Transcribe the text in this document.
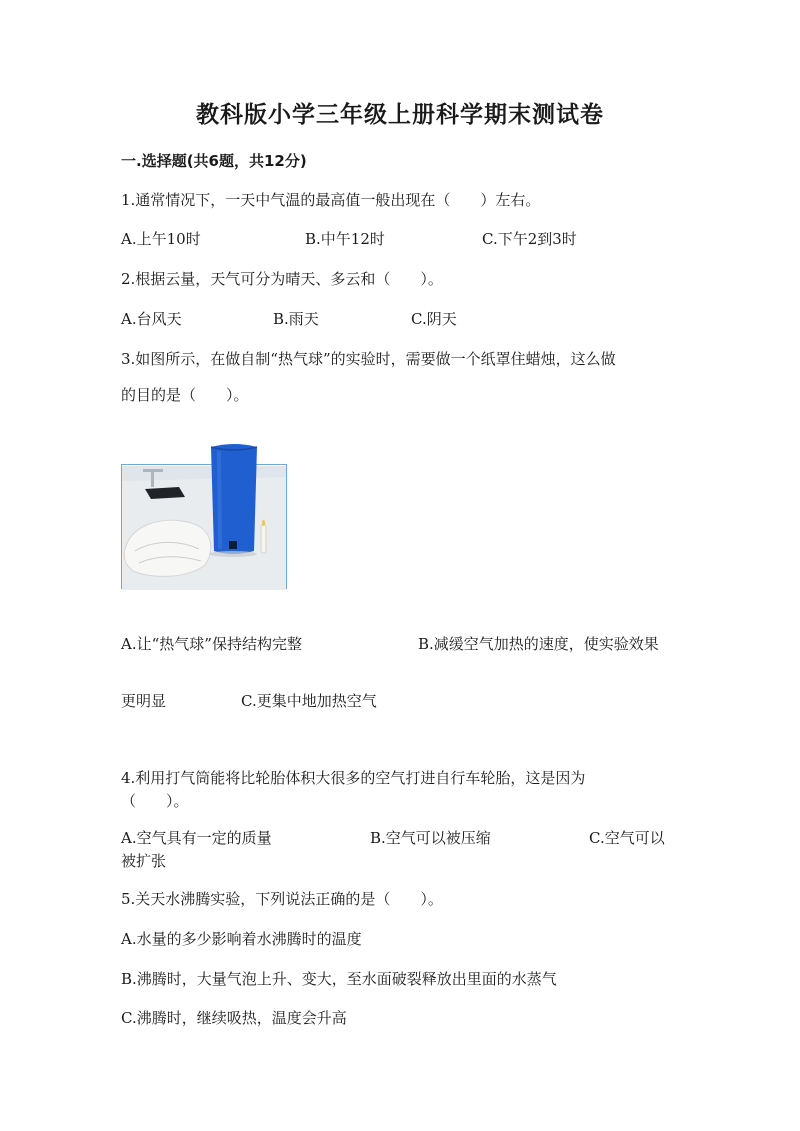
教科版小学三年级上册科学期末测试卷
一.选择题(共6题，共12分)
1.通常情况下，一天中气温的最高值一般出现在（　　）左右。
A.上午10时	B.中午12时	C.下午2到3时
2.根据云量，天气可分为晴天、多云和（　　）。
A.台风天	B.雨天	C.阴天
3.如图所示，在做自制“热气球”的实验时，需要做一个纸罩住蜡烛，这么做
的目的是（　　）。
A.让“热气球”保持结构完整	B.减缓空气加热的速度，使实验效果
更明显	C.更集中地加热空气
4.利用打气筒能将比轮胎体积大很多的空气打进自行车轮胎，这是因为
（　　）。
A.空气具有一定的质量	B.空气可以被压缩	C.空气可以
被扩张
5.关天水沸腾实验，下列说法正确的是（　　）。
A.水量的多少影响着水沸腾时的温度
B.沸腾时，大量气泡上升、变大，至水面破裂释放出里面的水蒸气
C.沸腾时，继续吸热，温度会升高
